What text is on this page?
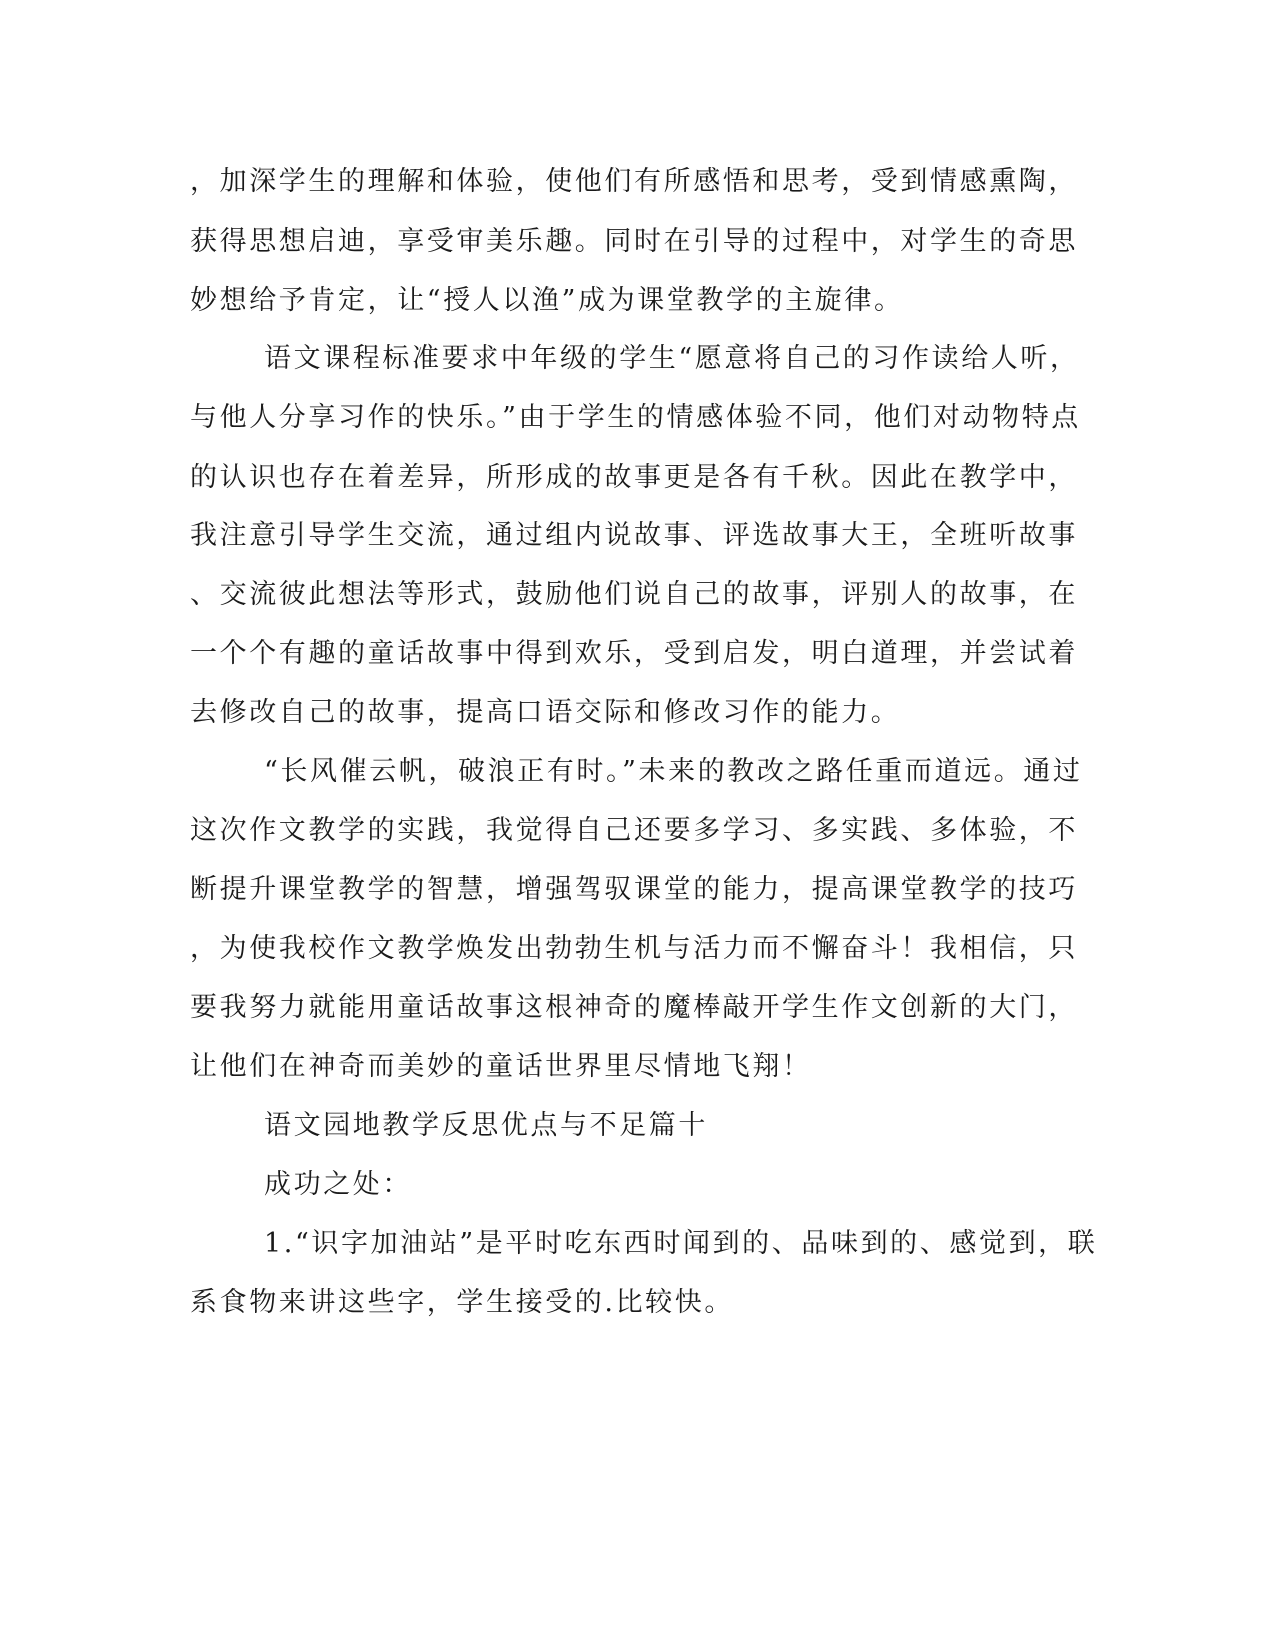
，加深学生的理解和体验，使他们有所感悟和思考，受到情感熏陶，
获得思想启迪，享受审美乐趣。同时在引导的过程中，对学生的奇思
妙想给予肯定，让“授人以渔”成为课堂教学的主旋律。
语文课程标准要求中年级的学生“愿意将自己的习作读给人听，
与他人分享习作的快乐。”由于学生的情感体验不同，他们对动物特点
的认识也存在着差异，所形成的故事更是各有千秋。因此在教学中，
我注意引导学生交流，通过组内说故事、评选故事大王，全班听故事
、交流彼此想法等形式，鼓励他们说自己的故事，评别人的故事，在
一个个有趣的童话故事中得到欢乐，受到启发，明白道理，并尝试着
去修改自己的故事，提高口语交际和修改习作的能力。
“长风催云帆，破浪正有时。”未来的教改之路任重而道远。通过
这次作文教学的实践，我觉得自己还要多学习、多实践、多体验，不
断提升课堂教学的智慧，增强驾驭课堂的能力，提高课堂教学的技巧
，为使我校作文教学焕发出勃勃生机与活力而不懈奋斗！我相信，只
要我努力就能用童话故事这根神奇的魔棒敲开学生作文创新的大门，
让他们在神奇而美妙的童话世界里尽情地飞翔！
语文园地教学反思优点与不足篇十
成功之处：
1.“识字加油站”是平时吃东西时闻到的、品味到的、感觉到，联
系食物来讲这些字，学生接受的.比较快。
